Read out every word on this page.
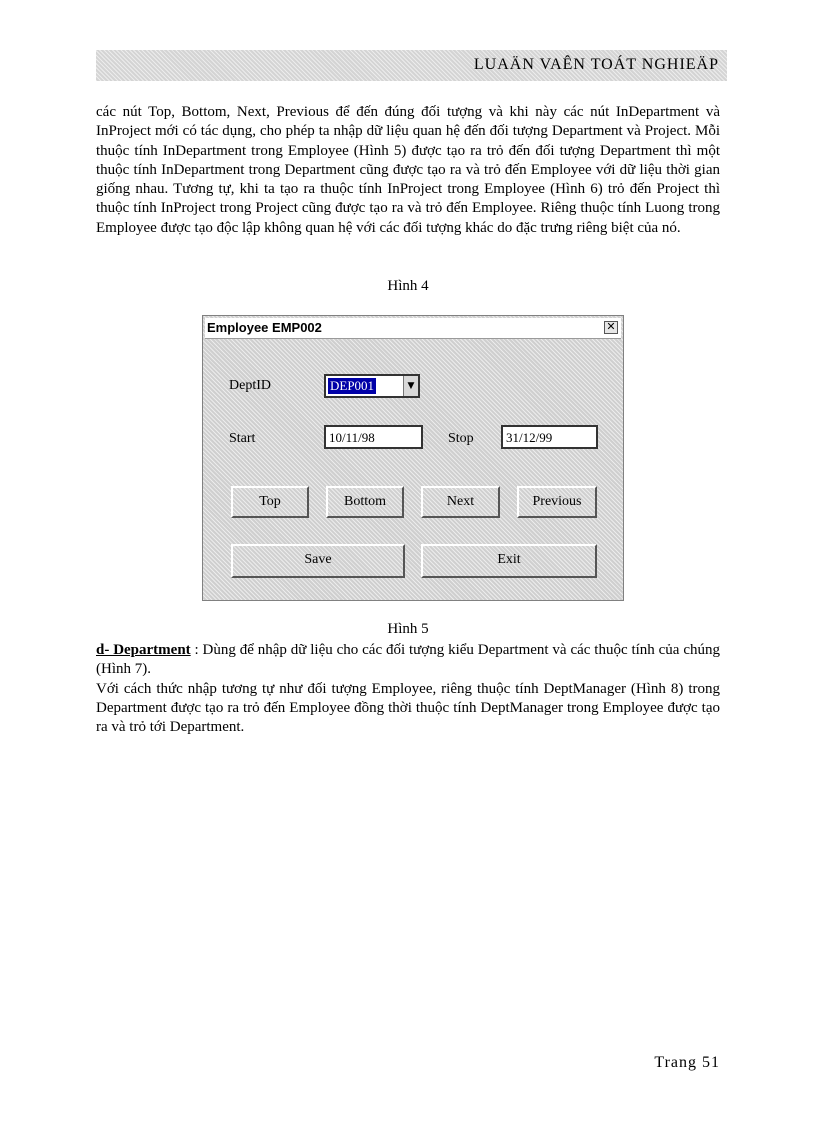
LUAÄN VAÊN TOÁT NGHIEÄP

các nút Top, Bottom, Next, Previous để đến đúng đối tượng và khi này các nút InDepartment và InProject mới có tác dụng, cho phép ta nhập dữ liệu quan hệ đến đối tượng Department và Project. Mỗi thuộc tính InDepartment trong Employee (Hình 5) được tạo ra trỏ đến đối tượng Department thì một thuộc tính InDepartment trong Department cũng được tạo ra và trỏ đến Employee với dữ liệu thời gian giống nhau. Tương tự, khi ta tạo ra thuộc tính InProject trong Employee (Hình 6) trỏ đến Project thì thuộc tính InProject trong Project cũng được tạo ra và trỏ đến Employee. Riêng thuộc tính Luong trong Employee được tạo độc lập không quan hệ với các đối tượng khác do đặc trưng riêng biệt của nó.

Hình 4
Employee EMP002	✕
DeptID	DEP001	▼
Start	10/11/98	Stop	31/12/99
Top	Bottom	Next	Previous
Save	Exit
Hình 5

d- Department : Dùng để nhập dữ liệu cho các đối tượng kiểu Department và các thuộc tính của chúng (Hình 7).

Với cách thức nhập tương tự như đối tượng Employee, riêng thuộc tính DeptManager (Hình 8) trong Department được tạo ra trỏ đến Employee đồng thời thuộc tính DeptManager trong Employee được tạo ra và trỏ tới Department.

Trang 51
